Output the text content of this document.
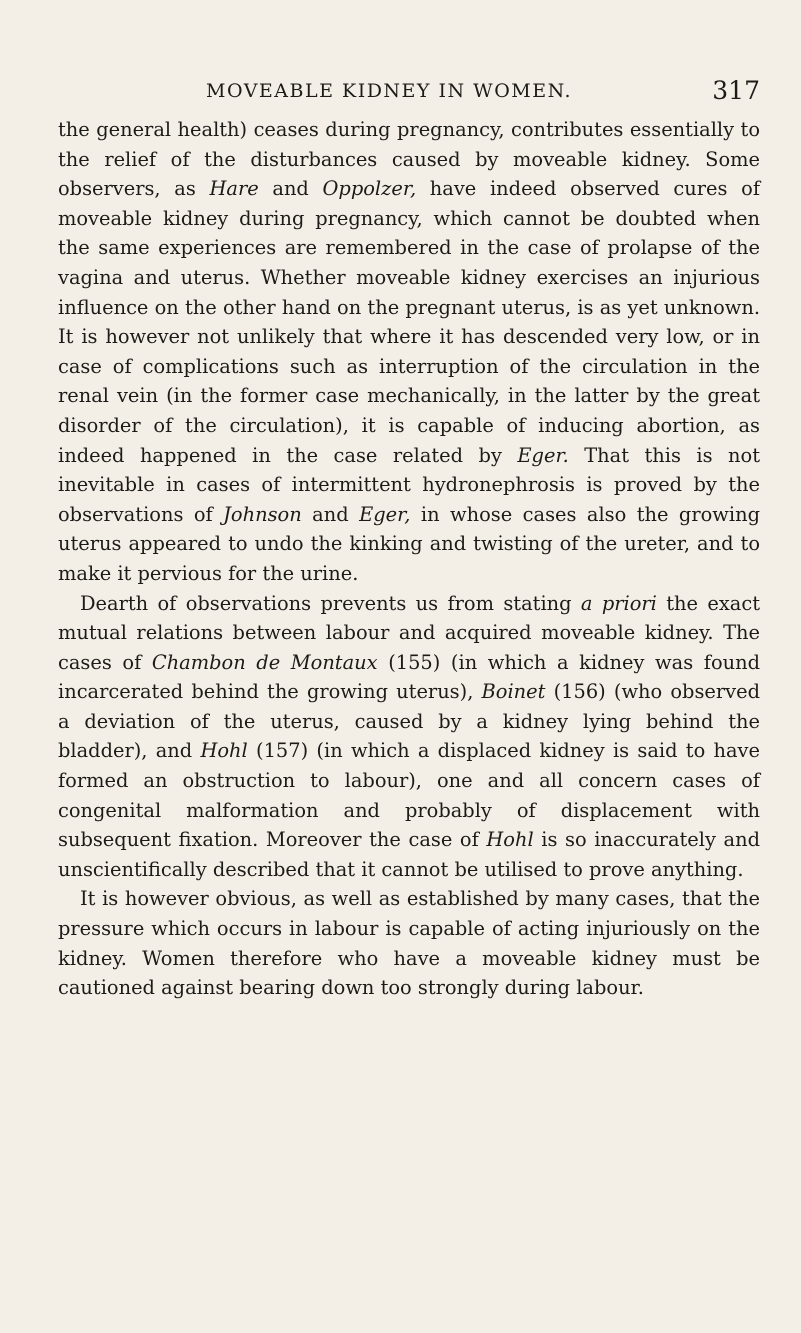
MOVEABLE KIDNEY IN WOMEN.	317

the general health) ceases during pregnancy, contributes essentially to the relief of the disturbances caused by moveable kidney. Some observers, as Hare and Oppolzer, have indeed observed cures of moveable kidney during pregnancy, which cannot be doubted when the same experiences are remembered in the case of prolapse of the vagina and uterus. Whether moveable kidney exercises an injurious influence on the other hand on the pregnant uterus, is as yet unknown. It is however not unlikely that where it has descended very low, or in case of complications such as interruption of the circulation in the renal vein (in the former case mechanically, in the latter by the great disorder of the circulation), it is capable of inducing abortion, as indeed happened in the case related by Eger. That this is not inevitable in cases of intermittent hydronephrosis is proved by the observations of Johnson and Eger, in whose cases also the growing uterus appeared to undo the kinking and twisting of the ureter, and to make it pervious for the urine.

Dearth of observations prevents us from stating a priori the exact mutual relations between labour and acquired moveable kidney. The cases of Chambon de Montaux (155) (in which a kidney was found incarcerated behind the growing uterus), Boinet (156) (who observed a deviation of the uterus, caused by a kidney lying behind the bladder), and Hohl (157) (in which a displaced kidney is said to have formed an obstruction to labour), one and all concern cases of congenital malformation and probably of displacement with subsequent fixation. Moreover the case of Hohl is so inaccurately and unscientifically described that it cannot be utilised to prove anything.

It is however obvious, as well as established by many cases, that the pressure which occurs in labour is capable of acting injuriously on the kidney. Women therefore who have a moveable kidney must be cautioned against bearing down too strongly during labour.
